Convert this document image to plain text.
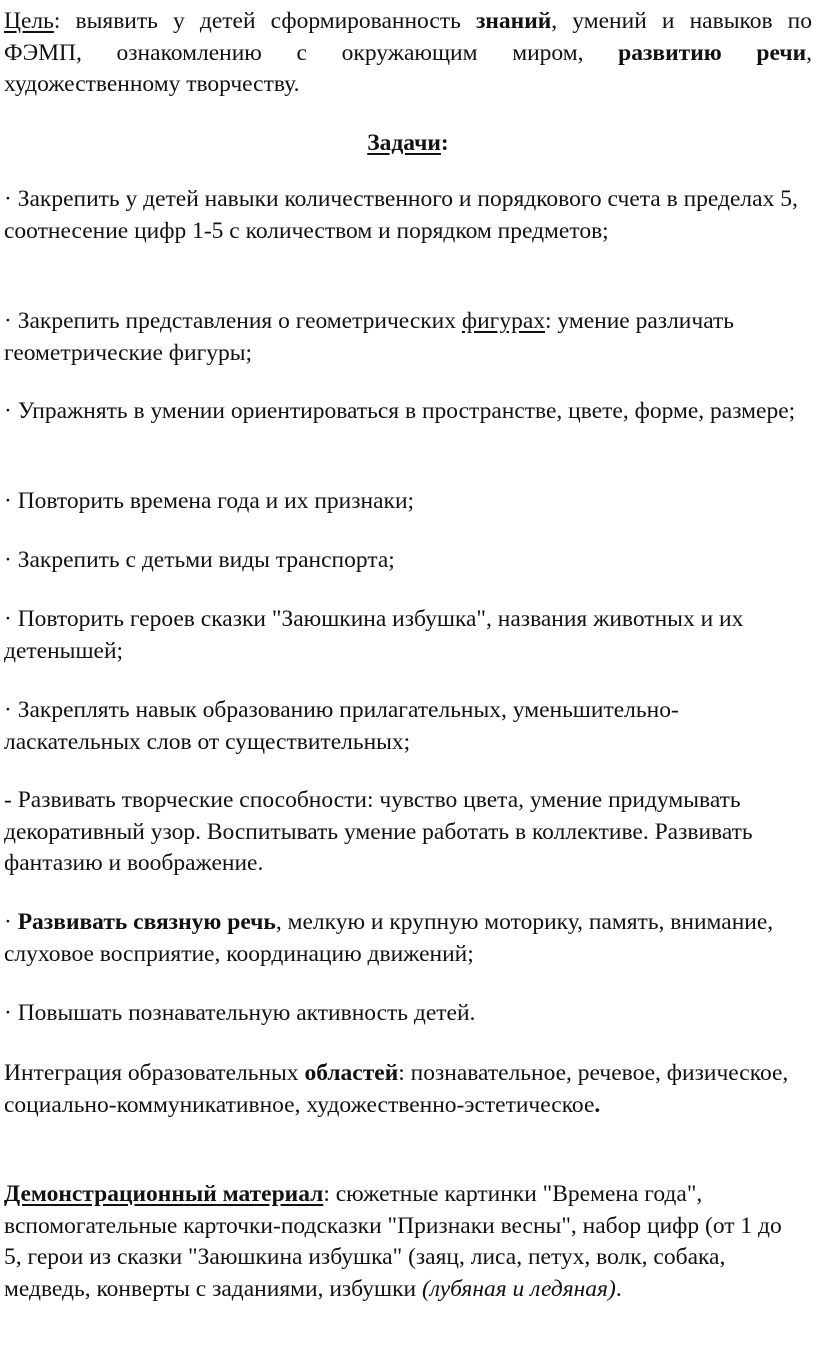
Цель: выявить у детей сформированность знаний, умений и навыков по ФЭМП, ознакомлению с окружающим миром, развитию речи, художественному творчеству.

Задачи:

· Закрепить у детей навыки количественного и порядкового счета в пределах 5, соотнесение цифр 1-5 с количеством и порядком предметов;

· Закрепить представления о геометрических фигурах: умение различать геометрические фигуры;

· Упражнять в умении ориентироваться в пространстве, цвете, форме, размере;

· Повторить времена года и их признаки;

· Закрепить с детьми виды транспорта;

· Повторить героев сказки "Заюшкина избушка", названия животных и их детенышей;

· Закреплять навык образованию прилагательных, уменьшительно-ласкательных слов от существительных;

- Развивать творческие способности: чувство цвета, умение придумывать декоративный узор. Воспитывать умение работать в коллективе. Развивать фантазию и воображение.

· Развивать связную речь, мелкую и крупную моторику, память, внимание, слуховое восприятие, координацию движений;

· Повышать познавательную активность детей.

Интеграция образовательных областей: познавательное, речевое, физическое, социально-коммуникативное, художественно-эстетическое.

Демонстрационный материал: сюжетные картинки "Времена года", вспомогательные карточки-подсказки "Признаки весны", набор цифр (от 1 до 5, герои из сказки "Заюшкина избушка" (заяц, лиса, петух, волк, собака, медведь, конверты с заданиями, избушки (лубяная и ледяная).
